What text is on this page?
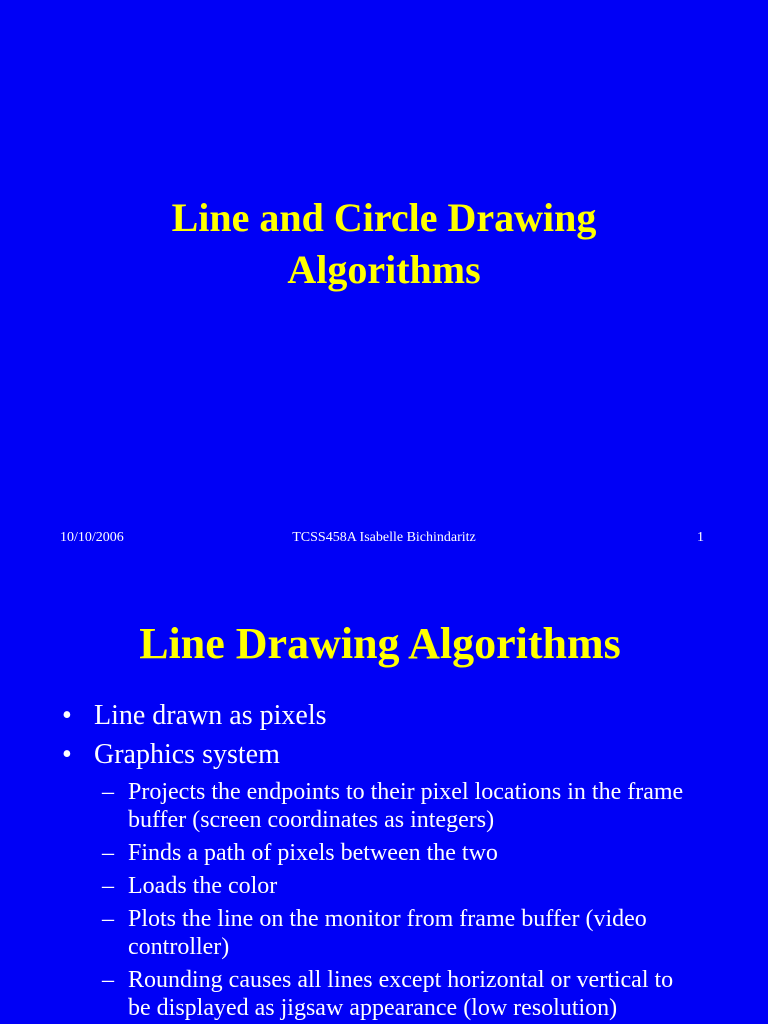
Line and Circle Drawing
Algorithms
10/10/2006	TCSS458A Isabelle Bichindaritz	1
Line Drawing Algorithms
• Line drawn as pixels
• Graphics system
– Projects the endpoints to their pixel locations in the frame buffer (screen coordinates as integers)
– Finds a path of pixels between the two
– Loads the color
– Plots the line on the monitor from frame buffer (video controller)
– Rounding causes all lines except horizontal or vertical to be displayed as jigsaw appearance (low resolution)
